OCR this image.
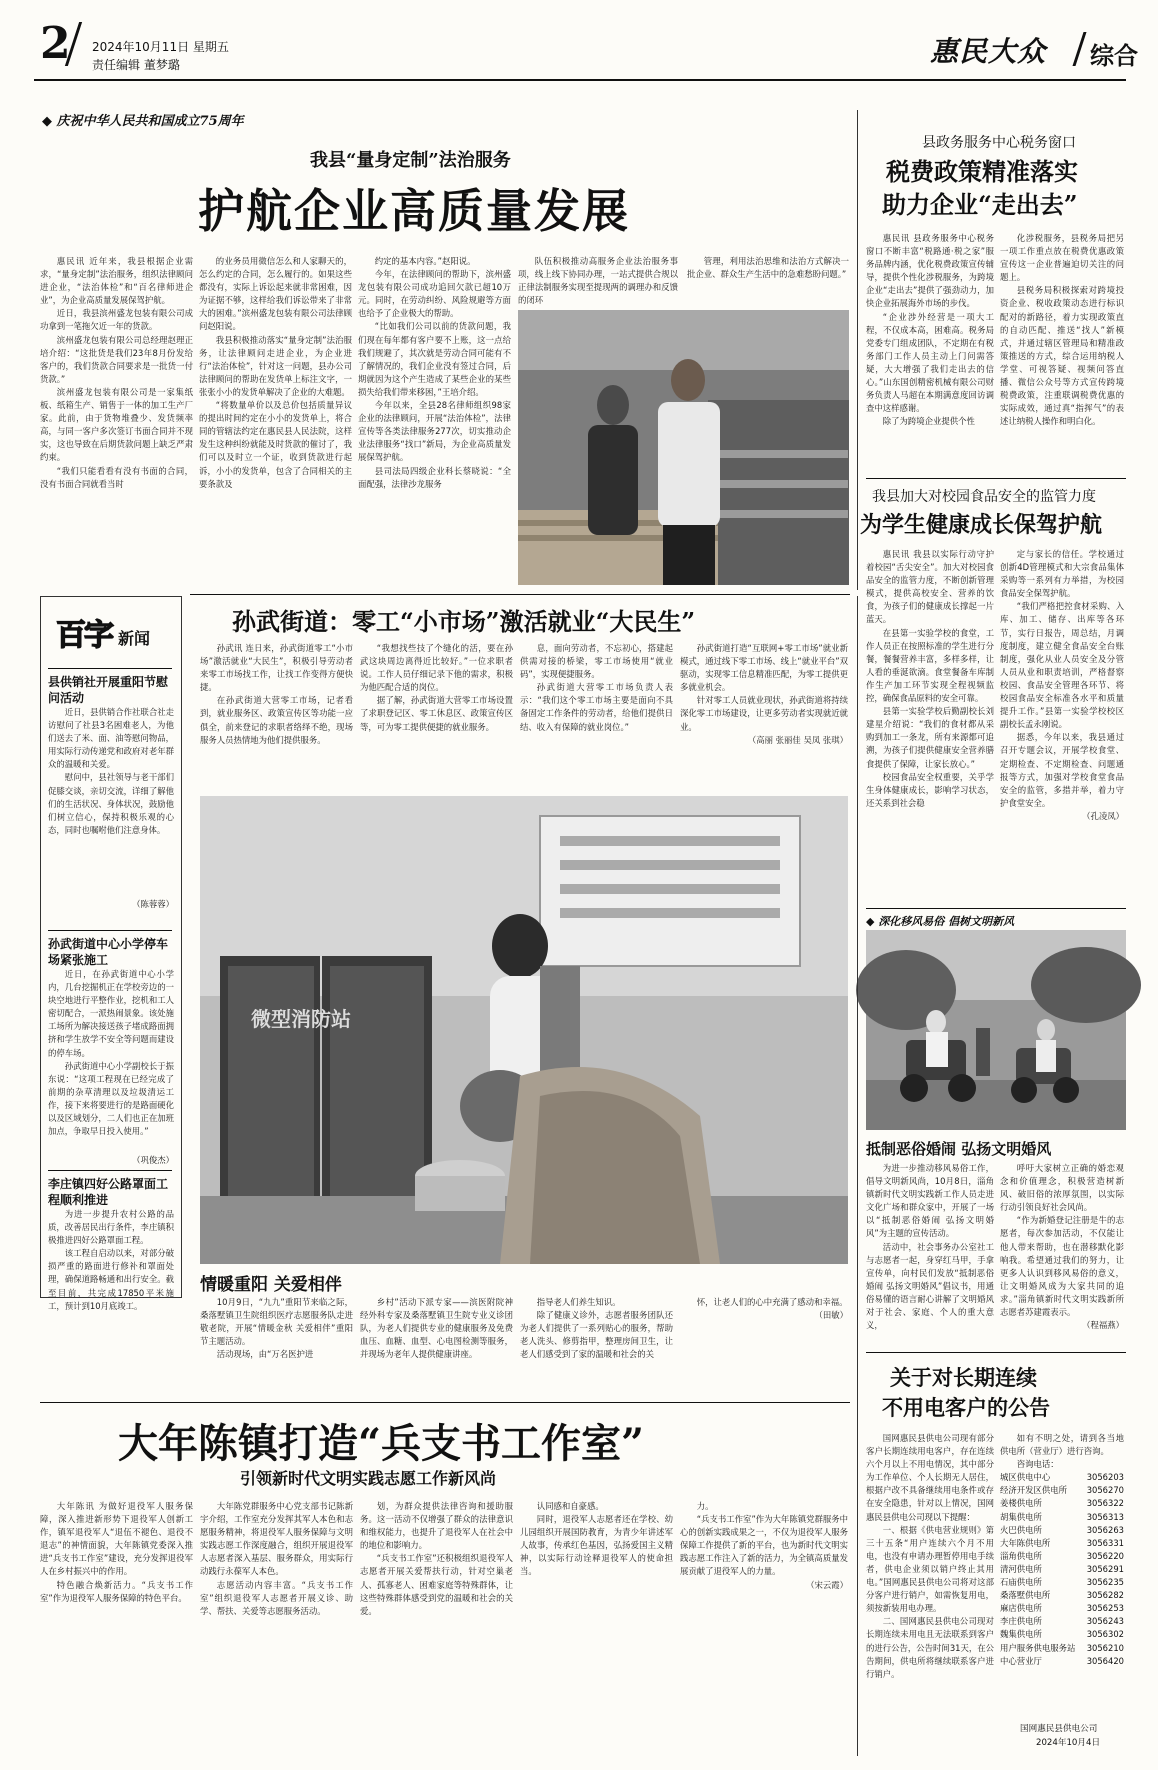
2 2024年10月11日 星期五
责任编辑 董梦璐	惠民大众 综合
◆ 庆祝中华人民共和国成立75周年
我县“量身定制”法治服务
护航企业高质量发展

惠民讯 近年来，我县根据企业需求，“量身定制”法治服务，组织法律顾问进企业，“法治体检”和“百名律师进企业”，为企业高质量发展保驾护航。

近日，我县滨州盛龙包装有限公司成功拿到一笔拖欠近一年的货款。

滨州盛龙包装有限公司总经理赵理正培介绍：“这批货是我们23年8月份发给客户的，我们货款合同要求是一批货一付货款。”

滨州盛龙包装有限公司是一家集纸板、纸箱生产、销售于一体的加工生产厂家。此前，由于货物堆叠少、发货频率高，与同一客户多次签订书面合同并不现实，这也导致在后期货款问题上缺乏严肃约束。

“我们只能看看有没有书面的合同，没有书面合同就看当时

的业务员用微信怎么和人家聊天的，怎么约定的合同，怎么履行的。如果这些都没有，实际上诉讼起来就非常困难，因为证据不够，这样给我们诉讼带来了非常大的困难。”滨州盛龙包装有限公司法律顾问赵阳说。

我县积极推动落实“量身定制”法治服务，让法律顾问走进企业，为企业进行“法治体检”，针对这一问题，县办公司法律顾问的帮助在发货单上标注文字，一张张小小的发货单解决了企业的大难题。

“将数量单价以及总价包括质量异议的提出时间约定在小小的发货单上，将合同的管辖法约定在惠民县人民法院，这样发生这种纠纷就能及时货款的催讨了，我们可以及时立一个证，收到货款进行起诉，小小的发货单，包含了合同相关的主要条款及

约定的基本内容。”赵阳说。

今年，在法律顾问的帮助下，滨州盛龙包装有限公司成功追回欠款已超10万元。同时，在劳动纠纷、风险规避等方面也给予了企业极大的帮助。

“比如我们公司以前的货款问题，我们现在每年都有客户要不上账，这一点给我们规避了，其次就是劳动合同可能有不了解情况的，我们企业没有签过合同，后期就因为这个产生造成了某些企业的某些损失给我们带来移困，”王培介绍。

今年以来，全县28名律师组织98家企业的法律顾问，开展“法治体检”，法律宣传等各类法律服务277次，切实推动企业法律服务“找口”新局，为企业高质量发展保驾护航。

县司法局四级企业科长蔡晓说：“全面配强，法律沙龙服务

队伍积极推动高服务企业法治服务事项，线上线下协同办理，一站式提供合规以正律法制服务实现至提现两的调理办和反馈的闭环

管理，利用法治思维和法治方式解决一批企业、群众生产生活中的急难愁盼问题。”

县政务服务中心税务窗口
税费政策精准落实
助力企业“走出去”

惠民讯 县政务服务中心税务窗口不断丰富“税路通·税之家”服务品牌内涵，优化税费政策宣传辅导，提供个性化涉税服务，为跨境企业“走出去”提供了强劲动力，加快企业拓展海外市场的步伐。

“企业涉外经营是一项大工程，不仅成本高，困难高。税务局党委专门组成团队，不定期在有税务部门工作人员主动上门问需答疑，大大增强了我们走出去的信心。”山东国创精密机械有限公司财务负责人马超在本期满意度回访调查中这样感谢。

除了为跨境企业提供个性

化涉税服务，县税务局把另一项工作重点放在税费优惠政策宣传这一企业普遍迫切关注的问题上。

县税务局积极探索对跨境投资企业、税收政策动态进行标识配对的新路径，着力实现政策直的自动匹配、推送“找人”新模式，并通过辖区管理局和精准政策推送的方式，综合运用纳税人学堂、可视答疑、视频问答直播、微信公众号等方式宣传跨境税费政策，注重联调税费优惠的实际成效，通过真“指挥气”的表述让纳税人操作和明白化。

我县加大对校园食品安全的监管力度
为学生健康成长保驾护航

惠民讯 我县以实际行动守护着校园“舌尖安全”。加大对校园食品安全的监管力度，不断创新管理模式，提供高校安全、营养的饮食，为孩子们的健康成长撑起一片蓝天。

在县第一实验学校的食堂，工作人员正在按照标准的学生进行分餐，餐餐营养丰富，多样多样，让人看的垂涎欲滴。食堂餐备车库制作生产加工环节实现全程视频监控，确保食品原料的安全可靠。

县第一实验学校后勤副校长刘建星介绍说：“我们的食材都从采购到加工一条龙，所有来源都可追溯，为孩子们提供健康安全营养膳食提供了保障，让家长放心。”

校园食品安全权重要，关乎学生身体健康成长，影响学习状态，还关系到社会稳

定与家长的信任。学校通过创新4D管理模式和大宗食品集体采购等一系列有力举措，为校园食品安全保驾护航。

“我们严格把控食材采购、入库、加工、储存、出库等各环节，实行日报告，周总结，月调度制度，建立健全食品安全台账制度，强化从业人员安全及分管人员从业和职责培训，严格督察校园、食品安全管理各环节、将校园食品安全标准各水平和质量提升工作。”县第一实验学校校区副校长孟永刚说。

据悉，今年以来，我县通过召开专题会议，开展学校食堂、定期检查、不定期检查、问题通报等方式，加强对学校食堂食品安全的监管，多措并举，着力守护食堂安全。

（孔凌凤）

◆ 深化移风易俗 倡树文明新风
抵制恶俗婚闹 弘扬文明婚风

为进一步推动移风易俗工作，倡导文明新风尚，10月8日，淄角镇新时代文明实践新工作人员走进文化广场和群众家中，开展了一场以“抵制恶俗婚闹 弘扬文明婚风”为主题的宣传活动。

活动中，社会事务办公室社工与志愿者一起，身穿红马甲，手拿宣传单，向村民们发放“抵制恶俗婚闹 弘扬文明婚风”倡议书，用通俗易懂的语言耐心讲解了文明婚风对于社会、家庭、个人的重大意义，

呼吁大家树立正确的婚恋观念和价值理念，积极营造树新风、破旧俗的浓厚氛围，以实际行动引领良好社会风尚。

“作为新婚登记注册是牛的志愿者，每次参加活动，不仅能让他人带来帮助，也在潜移默化影响我。希望通过我们的努力，让更多人认识到移风易俗的意义，让文明婚风成为大家共同的追求。”淄角镇新时代文明实践新所志愿者苏建霞表示。

（程福燕）

关于对长期连续
不用电客户的公告

国网惠民县供电公司现有部分客户长期连续用电客户，存在连续六个月以上不用电情况，其中部分为工作单位、个人长期无人居住，根据户改不具备继续用电条件或存在安全隐患，针对以上情况，国网惠民县供电公司现以下提醒：

一、根据《供电营业规则》第三十五条“用户连续六个月不用电，也没有申请办理暂停用电手续者，供电企业须以销户终止其用电。”国网惠民县供电公司将对这部分客户进行销户，如需恢复用电，须按新装用电办理。

二、国网惠民县供电公司现对长期连续未用电且无法联系到客户的进行公告，公告时间31天，在公告期间，供电所将继续联系客户进行销户。

如有不明之处，请到各当地供电所（营业厅）进行咨询。

咨询电话：
城区供电中心	3056203
经济开发区供电所 3056270
姜楼供电所	3056322
胡集供电所	3056313
火巴供电所	3056263
大年陈供电所	3056331
淄角供电所	3056220
清河供电所	3056291
石庙供电所	3056235
桑落墅供电所	3056282
麻店供电所	3056253
李庄供电所	3056243
魏集供电所	3056302
用户服务供电服务站 3056210
中心营业厅	3056420
国网惠民县供电公司
2024年10月4日
百字 新闻
县供销社开展重阳节慰问活动

近日，县供销合作社联合社走访慰问了社县3名困难老人，为他们送去了米、面、油等慰问物品，用实际行动传递党和政府对老年群众的温暖和关爱。

慰问中，县社领导与老干部们促膝交谈，亲切交流，详细了解他们的生活状况、身体状况，鼓励他们树立信心，保持积极乐观的心态，同时也嘱咐他们注意身体。

（陈蓉蓉）
孙武街道中心小学停车场紧张施工

近日，在孙武街道中心小学内，几台挖掘机正在学校旁边的一块空地进行平整作业，挖机和工人密切配合，一派热闹景象。该处施工场所为解决接送孩子堵成路面拥挤和学生放学不安全等问题而建设的停车场。

孙武街道中心小学副校长于振东说：“这项工程现在已经完成了前期的杂草清理以及垃圾清运工作，接下来将要进行的是路面硬化以及区域划分，二人们也正在加班加点，争取早日投入使用。”

（巩俊杰）
李庄镇四好公路罩面工程顺利推进

为进一步提升农村公路的品质，改善居民出行条件，李庄镇积极推进四好公路罩面工程。

该工程自启动以来，对部分破损严重的路面进行修补和罩面处理，确保道路畅通和出行安全。截至目前，共完成17850平米施工，预计到10月底竣工。

孙武街道：零工“小市场”激活就业“大民生”

孙武讯 连日来，孙武街道零工“小市场”激活就业“大民生”，积极引导劳动者来零工市场找工作，让找工作变得方便快捷。

在孙武街道大营零工市场，记者看到，就业服务区、政策宣传区等功能一应俱全，前来登记的求职者络绎不绝，现场服务人员热情地为他们提供服务。

“我想找些技了个缝化的活，要在孙武这块周边离得近比较好。”一位求职者说。工作人员仔细记录下他的需求，积极为他匹配合适的岗位。

据了解，孙武街道大营零工市场设置了求职登记区、零工休息区、政策宣传区等，可为零工提供便捷的就业服务。

息，面向劳动者，不忘初心，搭建起供需对接的桥梁，零工市场使用“就业码”，实现便捷服务。

孙武街道大营零工市场负责人表示：“我们这个零工市场主要是面向不具备固定工作条件的劳动者，给他们提供日结、收入有保障的就业岗位。”

孙武街道打造“互联网+零工市场”就业新模式，通过线下零工市场、线上“就业平台”双驱动，实现零工信息精准匹配，为零工提供更多就业机会。

针对零工人员就业现状，孙武街道将持续深化零工市场建设，让更多劳动者实现就近就业。

（高丽 张丽佳 吴凤 张琪）

微型消防站
情暖重阳 关爱相伴

10月9日，“九九”重阳节来临之际，桑落墅镇卫生院组织医疗志愿服务队走进敬老院，开展“情暖金秋 关爱相伴”重阳节主题活动。

活动现场，由“万名医护进

乡村”活动下派专家——滨医附院神经外科专家及桑落墅镇卫生院专业义诊团队，为老人们提供专业的健康服务及免费血压、血糖、血型、心电图检测等服务，并现场为老年人提供健康讲座。

指导老人们养生知识。

除了健康义诊外，志愿者服务团队还为老人们提供了一系列贴心的服务，帮助老人洗头、修剪指甲，整理房间卫生，让老人们感受到了家的温暖和社会的关

怀，让老人们的心中充满了感动和幸福。

（田敏）

大年陈镇打造“兵支书工作室”
引领新时代文明实践志愿工作新风尚

大年陈讯 为做好退役军人服务保障，深入推进新形势下退役军人创新工作，镇军退役军人“退伍不褪色、退役不退志”的神情面貌，大年陈镇党委深入推进“兵支书工作室”建设，充分发挥退役军人在乡村振兴中的作用。

特色融合焕新活力。“兵支书工作室”作为退役军人服务保障的特色平台。

大年陈党群服务中心党支部书记陈新宇介绍，工作室充分发挥其军人本色和志愿服务精神，将退役军人服务保障与文明实践志愿工作深度融合，组织开展退役军人志愿者深入基层、服务群众，用实际行动践行永葆军人本色。

志愿活动内容丰富。“兵支书工作室”组织退役军人志愿者开展义诊、助学、帮扶、关爱等志愿服务活动。

划，为群众提供法律咨询和援助服务。这一活动不仅增强了群众的法律意识和维权能力，也提升了退役军人在社会中的地位和影响力。

“兵支书工作室”还积极组织退役军人志愿者开展关爱帮扶行动，针对空巢老人、孤寡老人、困难家庭等特殊群体，让这些特殊群体感受到党的温暖和社会的关爱。

认同感和自豪感。

同时，退役军人志愿者还在学校、幼儿园组织开展国防教育，为青少年讲述军人故事，传承红色基因，弘扬爱国主义精神，以实际行动诠释退役军人的使命担当。

力。

“兵支书工作室”作为大年陈镇党群服务中心的创新实践成果之一，不仅为退役军人服务保障工作提供了新的平台，也为新时代文明实践志愿工作注入了新的活力，为全镇高质量发展贡献了退役军人的力量。

（宋云霞）
